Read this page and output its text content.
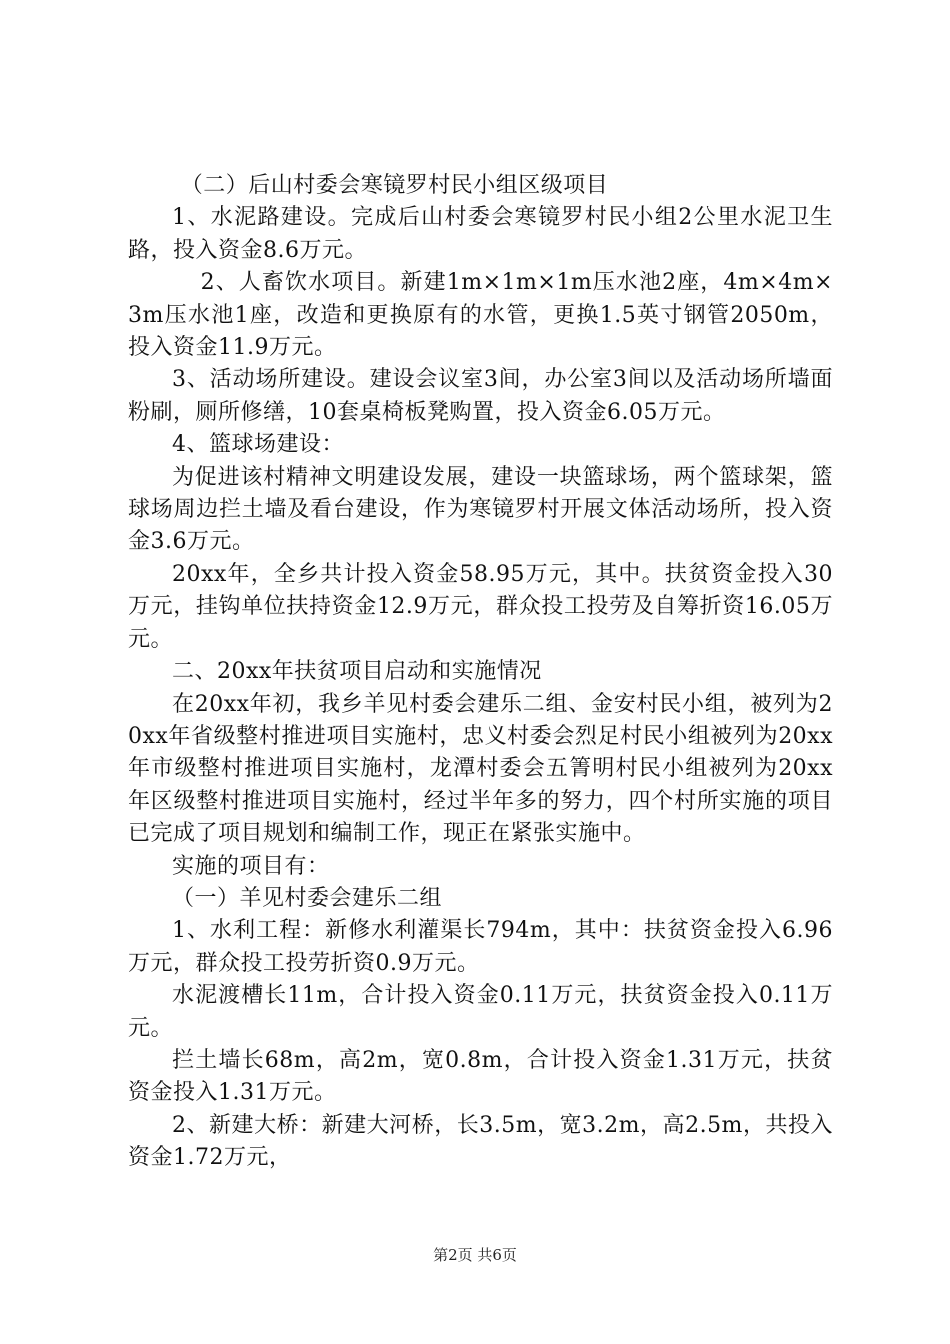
（二）后山村委会寒镜罗村民小组区级项目

1、水泥路建设。完成后山村委会寒镜罗村民小组2公里水泥卫生路，投入资金8.6万元。

2、人畜饮水项目。新建1m×1m×1m压水池2座，4m×4m×3m压水池1座，改造和更换原有的水管，更换1.5英寸钢管2050m，投入资金11.9万元。

3、活动场所建设。建设会议室3间，办公室3间以及活动场所墙面粉刷，厕所修缮，10套桌椅板凳购置，投入资金6.05万元。

4、篮球场建设：

为促进该村精神文明建设发展，建设一块篮球场，两个篮球架，篮球场周边拦土墙及看台建设，作为寒镜罗村开展文体活动场所，投入资金3.6万元。

20xx年，全乡共计投入资金58.95万元，其中。扶贫资金投入30万元，挂钩单位扶持资金12.9万元，群众投工投劳及自筹折资16.05万元。

二、20xx年扶贫项目启动和实施情况

在20xx年初，我乡羊见村委会建乐二组、金安村民小组，被列为20xx年省级整村推进项目实施村，忠义村委会烈足村民小组被列为20xx年市级整村推进项目实施村，龙潭村委会五箐明村民小组被列为20xx年区级整村推进项目实施村，经过半年多的努力，四个村所实施的项目已完成了项目规划和编制工作，现正在紧张实施中。

实施的项目有：

（一）羊见村委会建乐二组

1、水利工程：新修水利灌渠长794m，其中：扶贫资金投入6.96万元，群众投工投劳折资0.9万元。

水泥渡槽长11m，合计投入资金0.11万元，扶贫资金投入0.11万元。

拦土墙长68m，高2m，宽0.8m，合计投入资金1.31万元，扶贫资金投入1.31万元。

2、新建大桥：新建大河桥，长3.5m，宽3.2m，高2.5m，共投入资金1.72万元，

第2页 共6页
